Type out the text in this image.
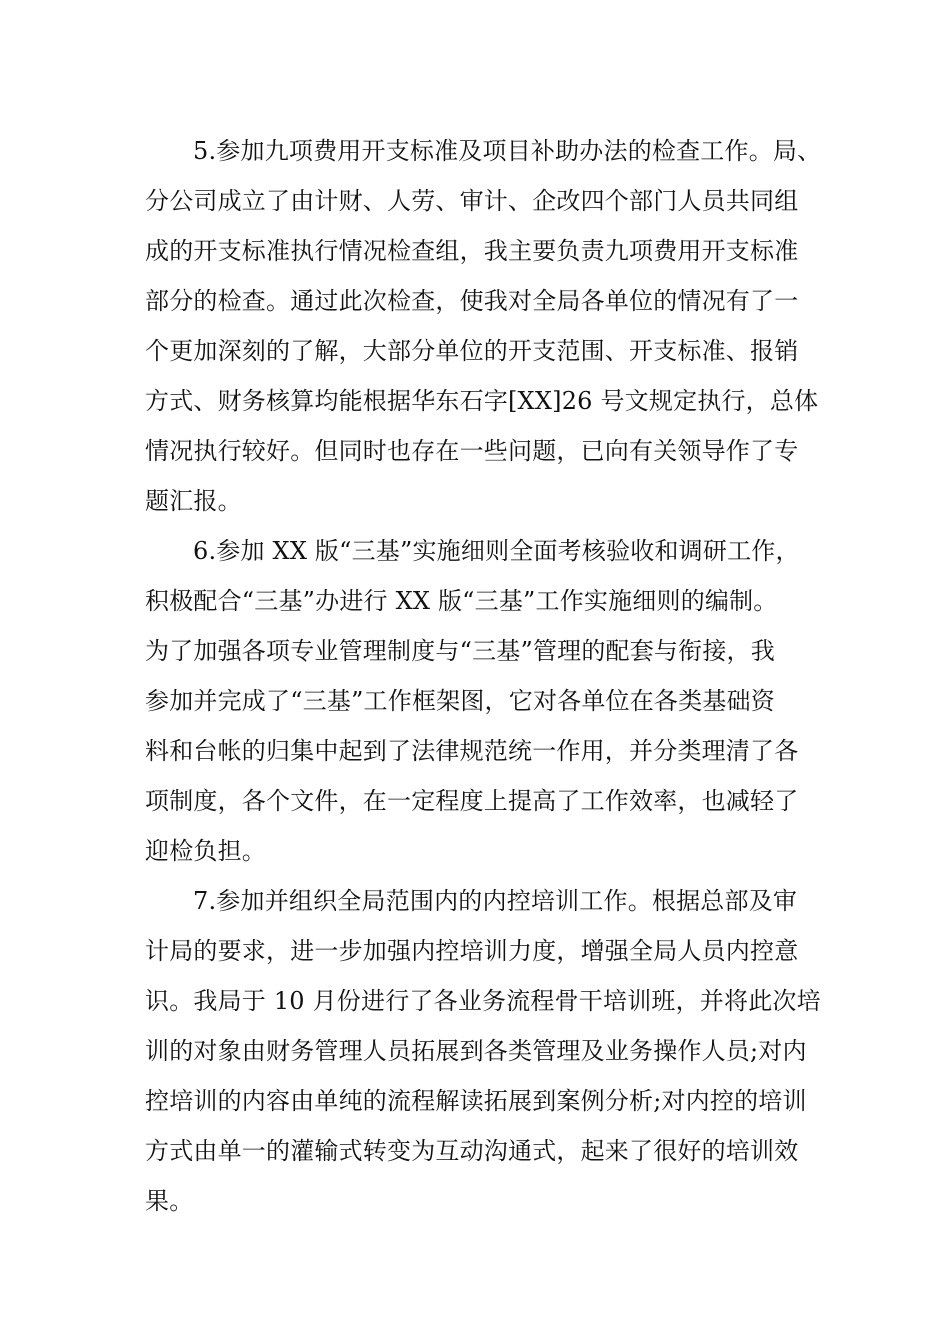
5.参加九项费用开支标准及项目补助办法的检查工作。局、
分公司成立了由计财、人劳、审计、企改四个部门人员共同组
成的开支标准执行情况检查组，我主要负责九项费用开支标准
部分的检查。通过此次检查，使我对全局各单位的情况有了一
个更加深刻的了解，大部分单位的开支范围、开支标准、报销
方式、财务核算均能根据华东石字[XX]26 号文规定执行，总体
情况执行较好。但同时也存在一些问题，已向有关领导作了专
题汇报。
6.参加 XX 版“三基”实施细则全面考核验收和调研工作，
积极配合“三基”办进行 XX 版“三基”工作实施细则的编制。
为了加强各项专业管理制度与“三基”管理的配套与衔接，我
参加并完成了“三基”工作框架图，它对各单位在各类基础资
料和台帐的归集中起到了法律规范统一作用，并分类理清了各
项制度，各个文件，在一定程度上提高了工作效率，也减轻了
迎检负担。
7.参加并组织全局范围内的内控培训工作。根据总部及审
计局的要求，进一步加强内控培训力度，增强全局人员内控意
识。我局于 10 月份进行了各业务流程骨干培训班，并将此次培
训的对象由财务管理人员拓展到各类管理及业务操作人员;对内
控培训的内容由单纯的流程解读拓展到案例分析;对内控的培训
方式由单一的灌输式转变为互动沟通式，起来了很好的培训效
果。
